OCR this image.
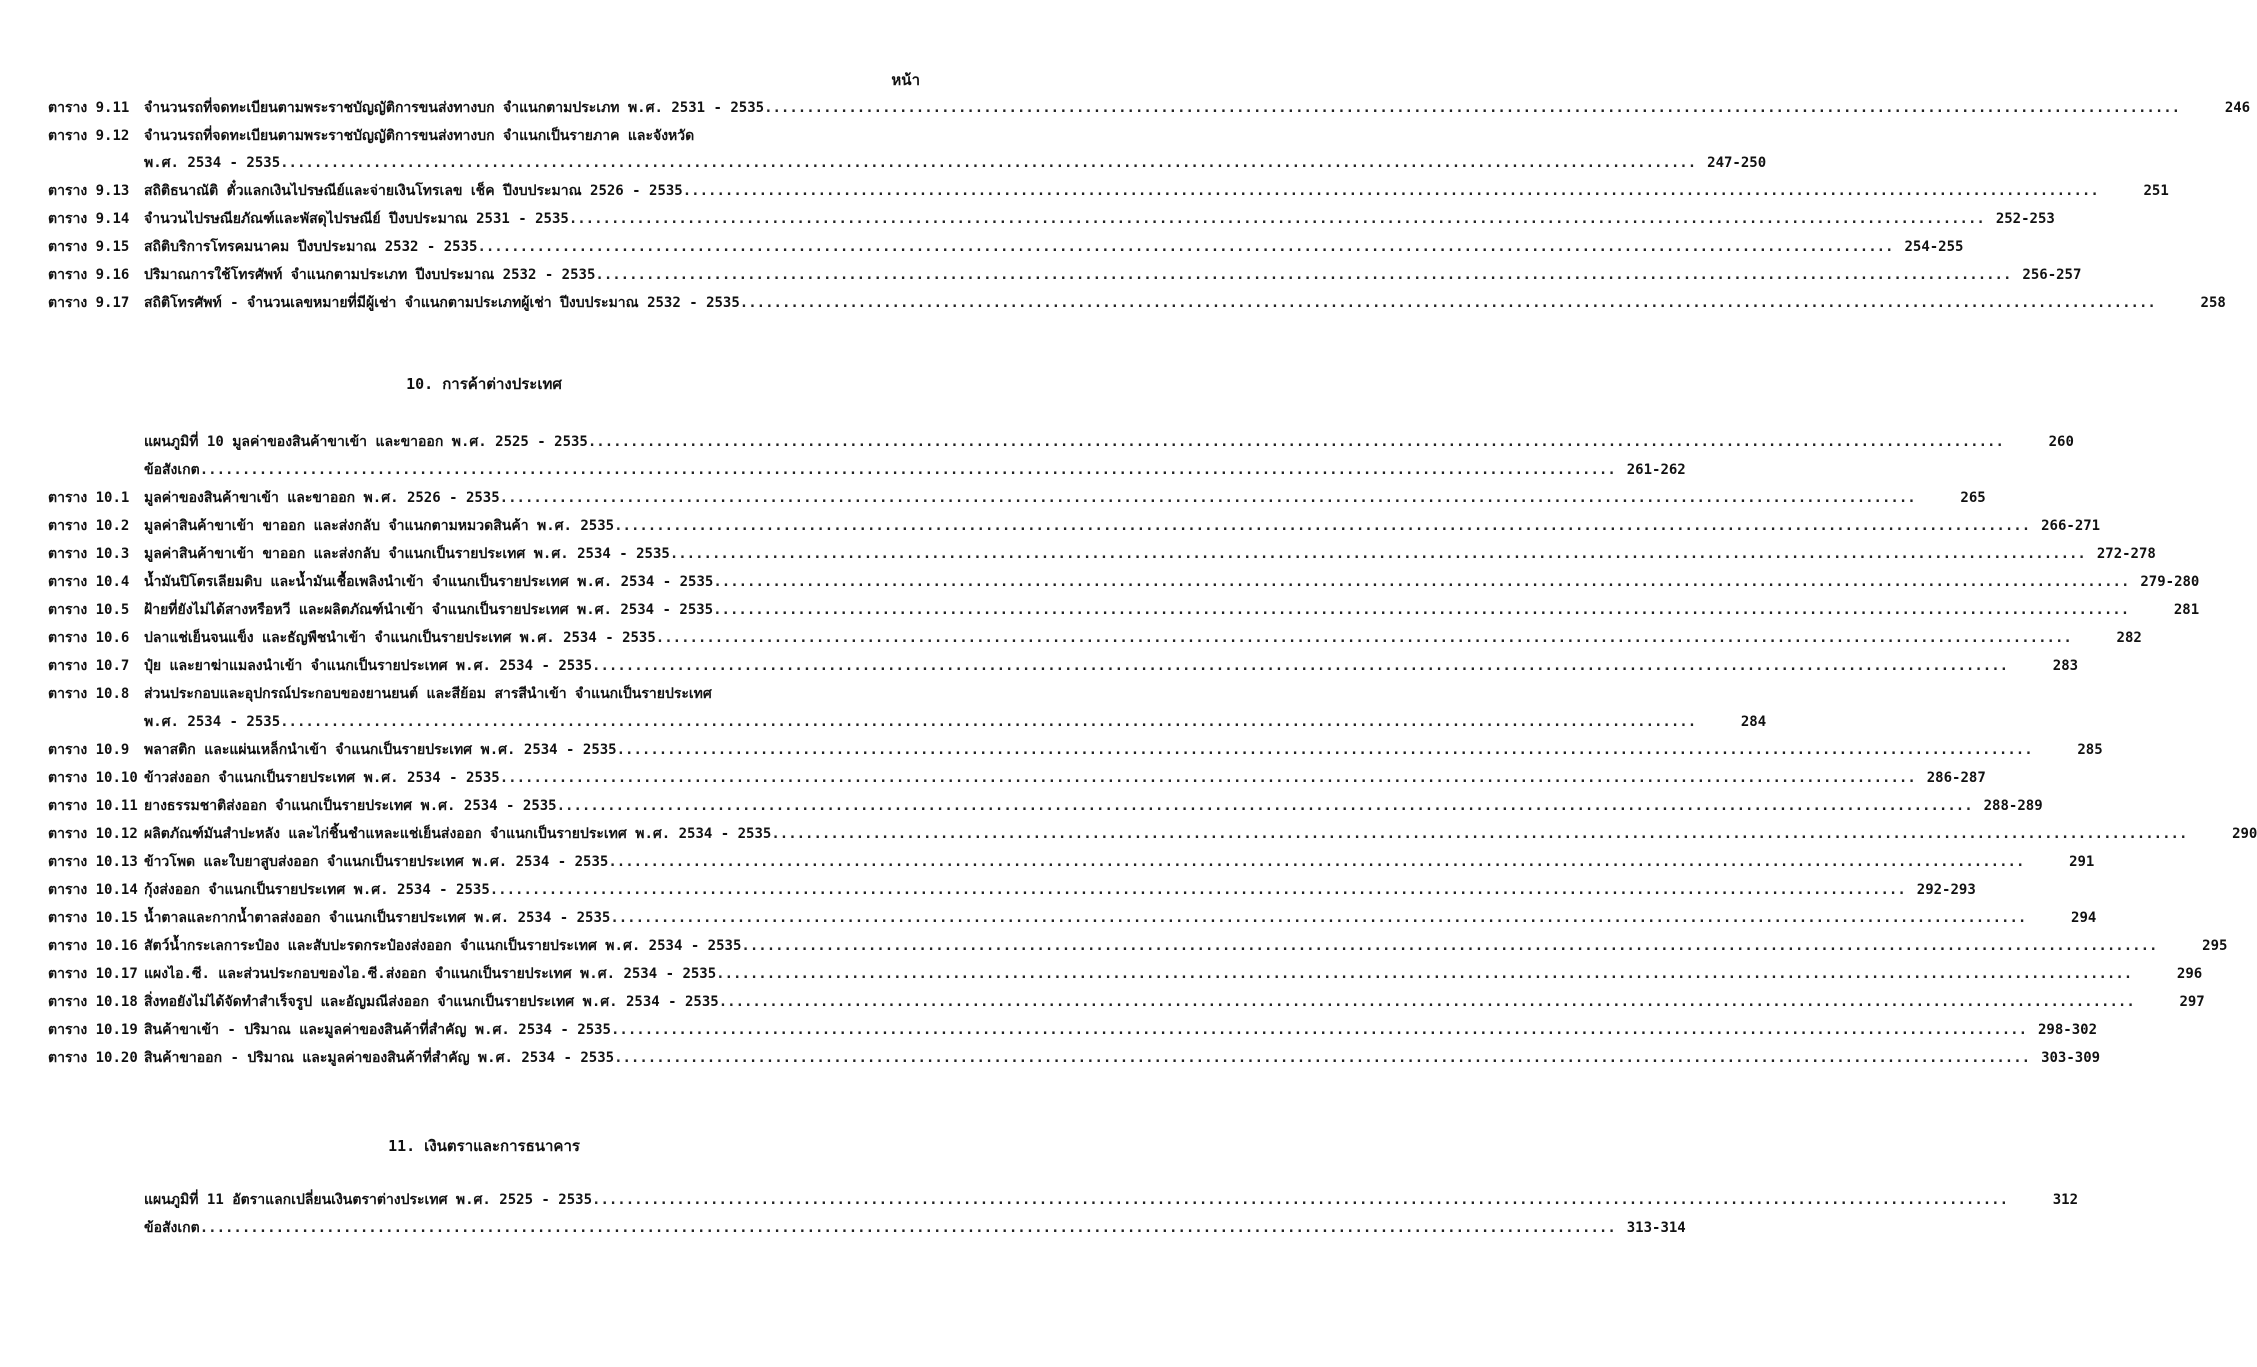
หน้า
ตาราง 9.11	จำนวนรถที่จดทะเบียนตามพระราชบัญญัติการขนส่งทางบก จำแนกตามประเภท พ.ศ. 2531 - 2535 .....	246
ตาราง 9.12	จำนวนรถที่จดทะเบียนตามพระราชบัญญัติการขนส่งทางบก จำแนกเป็นรายภาค และจังหวัด
พ.ศ. 2534 - 2535 .....	247-250
ตาราง 9.13	สถิติธนาณัติ ตั๋วแลกเงินไปรษณีย์และจ่ายเงินโทรเลข เช็ค ปีงบประมาณ 2526 - 2535 .....	251
ตาราง 9.14	จำนวนไปรษณียภัณฑ์และพัสดุไปรษณีย์ ปีงบประมาณ 2531 - 2535 .....	252-253
ตาราง 9.15	สถิติบริการโทรคมนาคม ปีงบประมาณ 2532 - 2535 .....	254-255
ตาราง 9.16	ปริมาณการใช้โทรศัพท์ จำแนกตามประเภท ปีงบประมาณ 2532 - 2535 .....	256-257
ตาราง 9.17	สถิติโทรศัพท์ - จำนวนเลขหมายที่มีผู้เช่า จำแนกตามประเภทผู้เช่า ปีงบประมาณ 2532 - 2535 .....	258
10. การค้าต่างประเทศ
แผนภูมิที่ 10 มูลค่าของสินค้าขาเข้า และขาออก พ.ศ. 2525 - 2535 .....	260
ข้อสังเกต .....	261-262
ตาราง 10.1	มูลค่าของสินค้าขาเข้า และขาออก พ.ศ. 2526 - 2535 .....	265
ตาราง 10.2	มูลค่าสินค้าขาเข้า ขาออก และส่งกลับ จำแนกตามหมวดสินค้า พ.ศ. 2535 .....	266-271
ตาราง 10.3	มูลค่าสินค้าขาเข้า ขาออก และส่งกลับ จำแนกเป็นรายประเทศ พ.ศ. 2534 - 2535 .....	272-278
ตาราง 10.4	น้ำมันปิโตรเลียมดิบ และน้ำมันเชื้อเพลิงนำเข้า จำแนกเป็นรายประเทศ พ.ศ. 2534 - 2535 .....	279-280
ตาราง 10.5	ฝ้ายที่ยังไม่ได้สางหรือหวี และผลิตภัณฑ์นำเข้า จำแนกเป็นรายประเทศ พ.ศ. 2534 - 2535 .....	281
ตาราง 10.6	ปลาแช่เย็นจนแข็ง และธัญพืชนำเข้า จำแนกเป็นรายประเทศ พ.ศ. 2534 - 2535 .....	282
ตาราง 10.7	ปุ๋ย และยาฆ่าแมลงนำเข้า จำแนกเป็นรายประเทศ พ.ศ. 2534 - 2535 .....	283
ตาราง 10.8	ส่วนประกอบและอุปกรณ์ประกอบของยานยนต์ และสีย้อม สารสีนำเข้า จำแนกเป็นรายประเทศ
พ.ศ. 2534 - 2535 .....	284
ตาราง 10.9	พลาสติก และแผ่นเหล็กนำเข้า จำแนกเป็นรายประเทศ พ.ศ. 2534 - 2535 .....	285
ตาราง 10.10 ข้าวส่งออก จำแนกเป็นรายประเทศ พ.ศ. 2534 - 2535 .....	286-287
ตาราง 10.11 ยางธรรมชาติส่งออก จำแนกเป็นรายประเทศ พ.ศ. 2534 - 2535 .....	288-289
ตาราง 10.12 ผลิตภัณฑ์มันสำปะหลัง และไก่ชิ้นชำแหละแช่เย็นส่งออก จำแนกเป็นรายประเทศ พ.ศ. 2534 - 2535 .....	290
ตาราง 10.13 ข้าวโพด และใบยาสูบส่งออก จำแนกเป็นรายประเทศ พ.ศ. 2534 - 2535 .....	291
ตาราง 10.14 กุ้งส่งออก จำแนกเป็นรายประเทศ พ.ศ. 2534 - 2535 .....	292-293
ตาราง 10.15 น้ำตาลและกากน้ำตาลส่งออก จำแนกเป็นรายประเทศ พ.ศ. 2534 - 2535 .....	294
ตาราง 10.16 สัตว์น้ำกระเลการะป๋อง และสับปะรดกระป๋องส่งออก จำแนกเป็นรายประเทศ พ.ศ. 2534 - 2535 .....	295
ตาราง 10.17 แผงไอ.ซี. และส่วนประกอบของไอ.ซี.ส่งออก จำแนกเป็นรายประเทศ พ.ศ. 2534 - 2535 .....	296
ตาราง 10.18 สิ่งทอยังไม่ได้จัดทำสำเร็จรูป และอัญมณีส่งออก จำแนกเป็นรายประเทศ พ.ศ. 2534 - 2535 .....	297
ตาราง 10.19 สินค้าขาเข้า - ปริมาณ และมูลค่าของสินค้าที่สำคัญ พ.ศ. 2534 - 2535 .....	298-302
ตาราง 10.20 สินค้าขาออก - ปริมาณ และมูลค่าของสินค้าที่สำคัญ พ.ศ. 2534 - 2535 .....	303-309
11. เงินตราและการธนาคาร
แผนภูมิที่ 11 อัตราแลกเปลี่ยนเงินตราต่างประเทศ พ.ศ. 2525 - 2535 .....	312
ข้อสังเกต .....	313-314
